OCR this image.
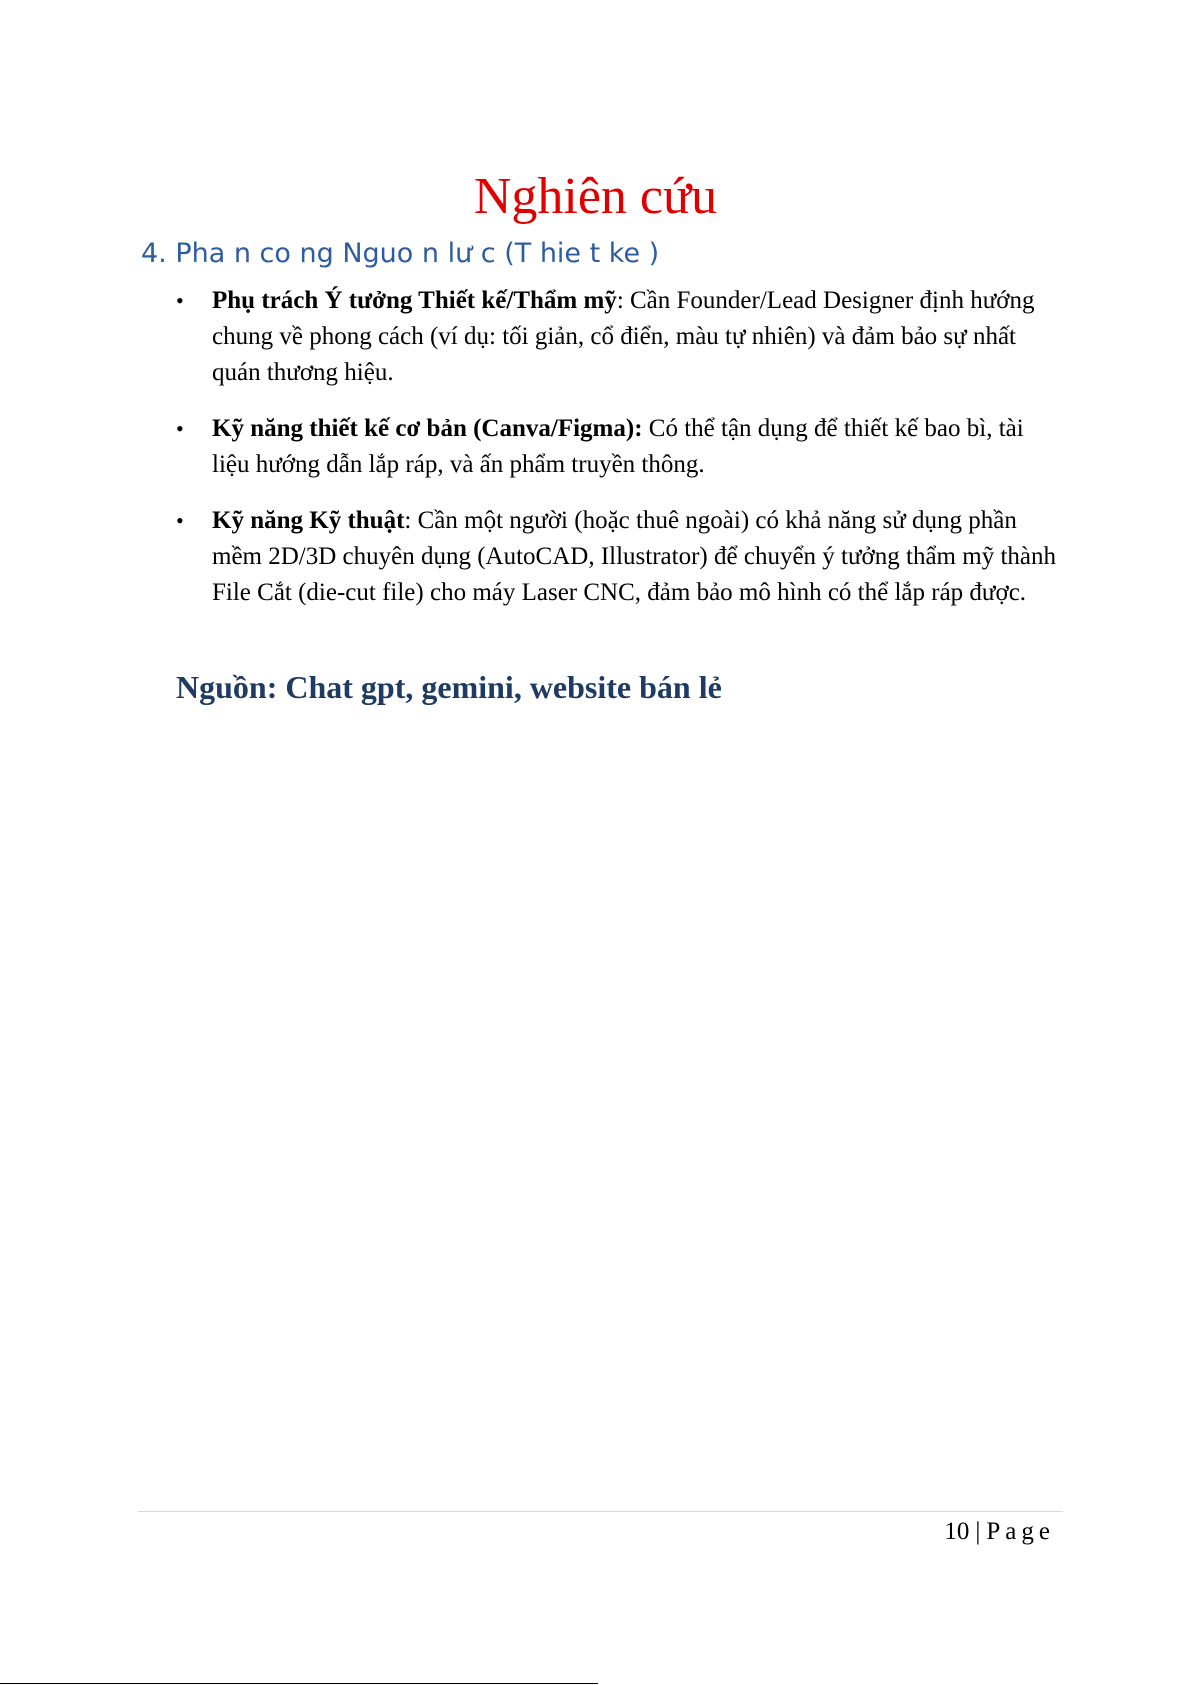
Nghiên cứu
4. Pha n co ng Nguo n lư c (T hie t ke )
• Phụ trách Ý tưởng Thiết kế/Thẩm mỹ: Cần Founder/Lead Designer định hướng chung về phong cách (ví dụ: tối giản, cổ điển, màu tự nhiên) và đảm bảo sự nhất quán thương hiệu.
• Kỹ năng thiết kế cơ bản (Canva/Figma): Có thể tận dụng để thiết kế bao bì, tài liệu hướng dẫn lắp ráp, và ấn phẩm truyền thông.
• Kỹ năng Kỹ thuật: Cần một người (hoặc thuê ngoài) có khả năng sử dụng phần mềm 2D/3D chuyên dụng (AutoCAD, Illustrator) để chuyển ý tưởng thẩm mỹ thành File Cắt (die-cut file) cho máy Laser CNC, đảm bảo mô hình có thể lắp ráp được.
Nguồn: Chat gpt, gemini, website bán lẻ
10 | Page
